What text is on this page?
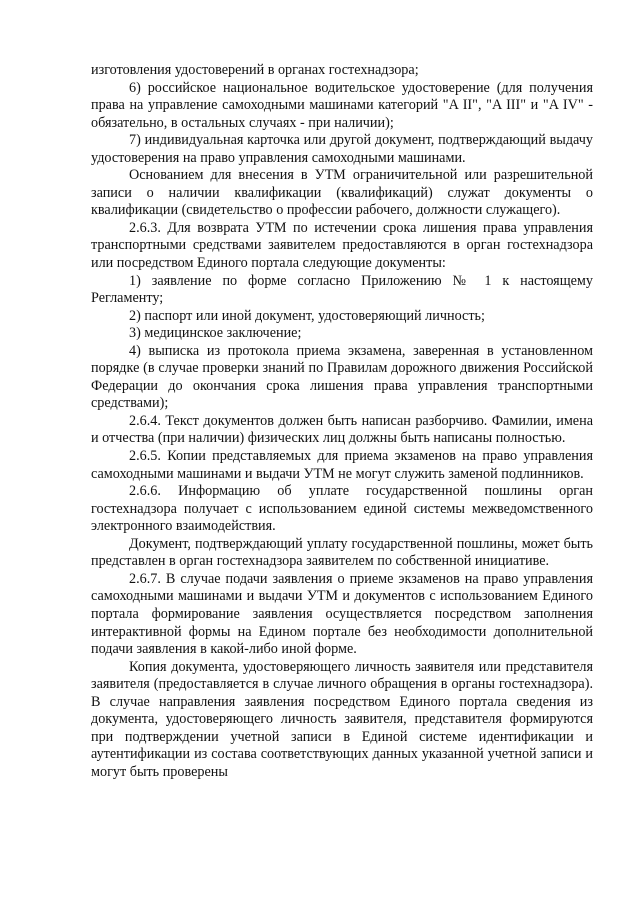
изготовления удостоверений в органах гостехнадзора;

6) российское национальное водительское удостоверение (для получения права на управление самоходными машинами категорий "A II", "A III" и "A IV" - обязательно, в остальных случаях - при наличии);

7) индивидуальная карточка или другой документ, подтверждающий выдачу удостоверения на право управления самоходными машинами.

Основанием для внесения в УТМ ограничительной или разрешительной записи о наличии квалификации (квалификаций) служат документы о квалификации (свидетельство о профессии рабочего, должности служащего).

2.6.3. Для возврата УТМ по истечении срока лишения права управления транспортными средствами заявителем предоставляются в орган гостехнадзора или посредством Единого портала следующие документы:

1) заявление по форме согласно Приложению № 1 к настоящему Регламенту;

2) паспорт или иной документ, удостоверяющий личность;

3) медицинское заключение;

4) выписка из протокола приема экзамена, заверенная в установленном порядке (в случае проверки знаний по Правилам дорожного движения Российской Федерации до окончания срока лишения права управления транспортными средствами);

2.6.4. Текст документов должен быть написан разборчиво. Фамилии, имена и отчества (при наличии) физических лиц должны быть написаны полностью.

2.6.5. Копии представляемых для приема экзаменов на право управления самоходными машинами и выдачи УТМ не могут служить заменой подлинников.

2.6.6. Информацию об уплате государственной пошлины орган гостехнадзора получает с использованием единой системы межведомственного электронного взаимодействия.

Документ, подтверждающий уплату государственной пошлины, может быть представлен в орган гостехнадзора заявителем по собственной инициативе.

2.6.7. В случае подачи заявления о приеме экзаменов на право управления самоходными машинами и выдачи УТМ и документов с использованием Единого портала формирование заявления осуществляется посредством заполнения интерактивной формы на Едином портале без необходимости дополнительной подачи заявления в какой-либо иной форме.

Копия документа, удостоверяющего личность заявителя или представителя заявителя (предоставляется в случае личного обращения в органы гостехнадзора). В случае направления заявления посредством Единого портала сведения из документа, удостоверяющего личность заявителя, представителя формируются при подтверждении учетной записи в Единой системе идентификации и аутентификации из состава соответствующих данных указанной учетной записи и могут быть проверены
